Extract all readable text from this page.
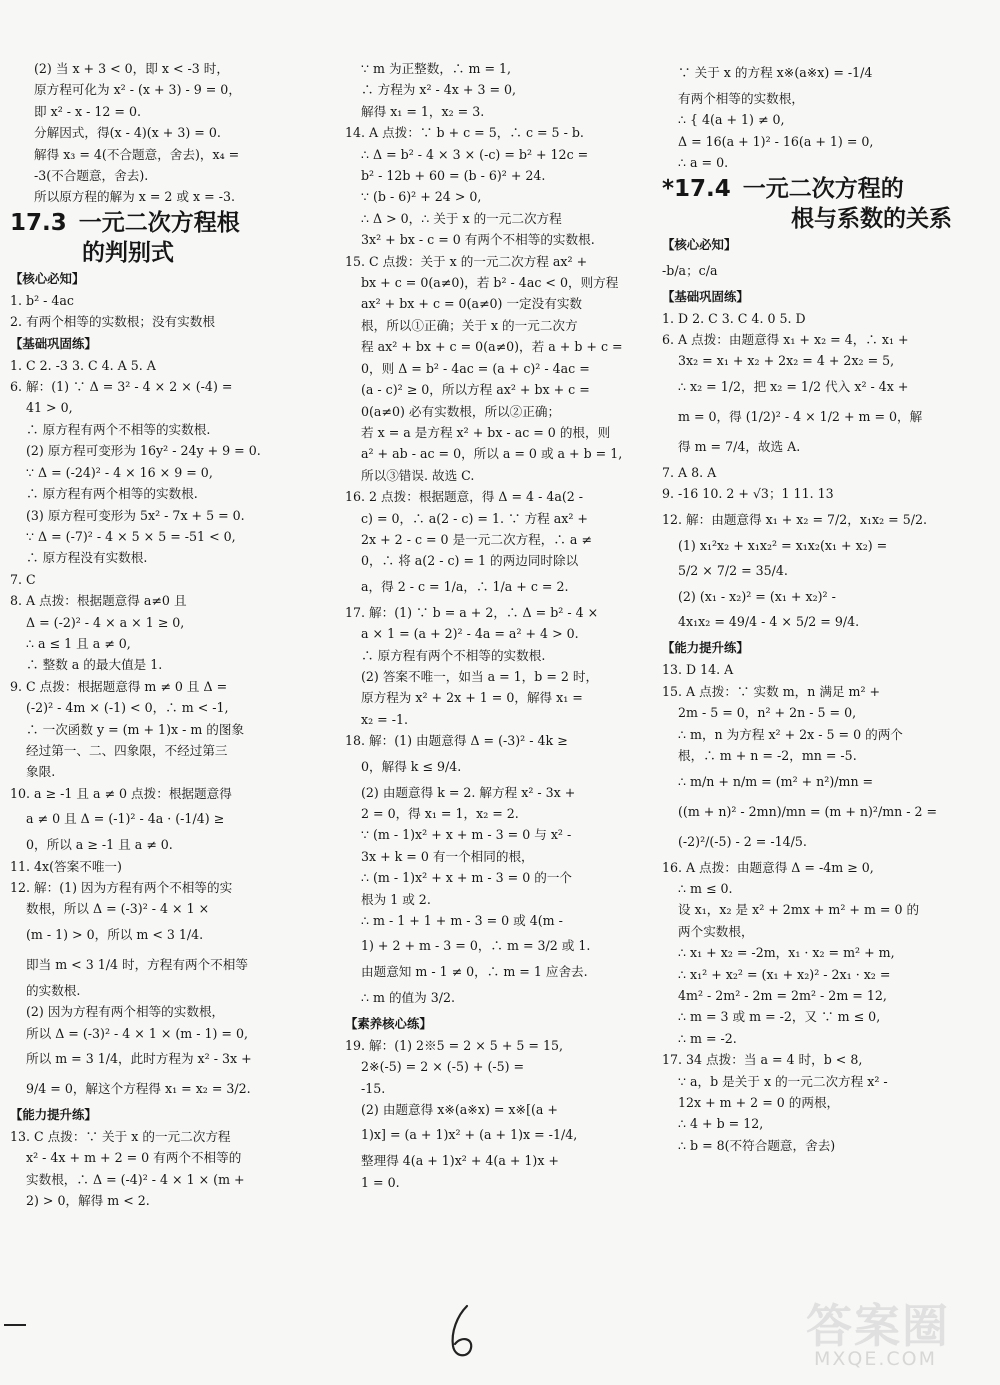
(2) 当 x + 3 < 0，即 x < -3 时，
原方程可化为 x² - (x + 3) - 9 = 0，
即 x² - x - 12 = 0.
分解因式，得(x - 4)(x + 3) = 0.
解得 x₃ = 4(不合题意，舍去)，x₄ =
-3(不合题意，舍去).
所以原方程的解为 x = 2 或 x = -3.
17.3 一元二次方程根
的判别式
【核心必知】
1. b² - 4ac
2. 有两个相等的实数根；没有实数根
【基础巩固练】
1. C 2. -3 3. C 4. A 5. A
6. 解：(1) ∵ Δ = 3² - 4 × 2 × (-4) =
41 > 0,
∴ 原方程有两个不相等的实数根.
(2) 原方程可变形为 16y² - 24y + 9 = 0.
∵ Δ = (-24)² - 4 × 16 × 9 = 0,
∴ 原方程有两个相等的实数根.
(3) 原方程可变形为 5x² - 7x + 5 = 0.
∵ Δ = (-7)² - 4 × 5 × 5 = -51 < 0,
∴ 原方程没有实数根.
7. C
8. A 点拨：根据题意得 a≠0 且
Δ = (-2)² - 4 × a × 1 ≥ 0,
∴ a ≤ 1 且 a ≠ 0,
∴ 整数 a 的最大值是 1.
9. C 点拨：根据题意得 m ≠ 0 且 Δ =
(-2)² - 4m × (-1) < 0，∴ m < -1,
∴ 一次函数 y = (m + 1)x - m 的图象
经过第一、二、四象限，不经过第三
象限.
10. a ≥ -1 且 a ≠ 0 点拨：根据题意得
a ≠ 0 且 Δ = (-1)² - 4a · (-1/4) ≥
0，所以 a ≥ -1 且 a ≠ 0.
11. 4x(答案不唯一)
12. 解：(1) 因为方程有两个不相等的实
数根，所以 Δ = (-3)² - 4 × 1 ×
(m - 1) > 0，所以 m < 3 1/4.
即当 m < 3 1/4 时，方程有两个不相等
的实数根.
(2) 因为方程有两个相等的实数根，
所以 Δ = (-3)² - 4 × 1 × (m - 1) = 0,
所以 m = 3 1/4，此时方程为 x² - 3x +
9/4 = 0，解这个方程得 x₁ = x₂ = 3/2.
【能力提升练】
13. C 点拨：∵ 关于 x 的一元二次方程
x² - 4x + m + 2 = 0 有两个不相等的
实数根，∴ Δ = (-4)² - 4 × 1 × (m +
2) > 0，解得 m < 2.
∵ m 为正整数，∴ m = 1,
∴ 方程为 x² - 4x + 3 = 0,
解得 x₁ = 1，x₂ = 3.
14. A 点拨：∵ b + c = 5，∴ c = 5 - b.
∴ Δ = b² - 4 × 3 × (-c) = b² + 12c =
b² - 12b + 60 = (b - 6)² + 24.
∵ (b - 6)² + 24 > 0,
∴ Δ > 0，∴ 关于 x 的一元二次方程
3x² + bx - c = 0 有两个不相等的实数根.
15. C 点拨：关于 x 的一元二次方程 ax² +
bx + c = 0(a≠0)，若 b² - 4ac < 0，则方程
ax² + bx + c = 0(a≠0) 一定没有实数
根，所以①正确；关于 x 的一元二次方
程 ax² + bx + c = 0(a≠0)，若 a + b + c =
0，则 Δ = b² - 4ac = (a + c)² - 4ac =
(a - c)² ≥ 0，所以方程 ax² + bx + c =
0(a≠0) 必有实数根，所以②正确；
若 x = a 是方程 x² + bx - ac = 0 的根，则
a² + ab - ac = 0，所以 a = 0 或 a + b = 1,
所以③错误. 故选 C.
16. 2 点拨：根据题意，得 Δ = 4 - 4a(2 -
c) = 0，∴ a(2 - c) = 1. ∵ 方程 ax² +
2x + 2 - c = 0 是一元二次方程，∴ a ≠
0，∴ 将 a(2 - c) = 1 的两边同时除以
a，得 2 - c = 1/a，∴ 1/a + c = 2.
17. 解：(1) ∵ b = a + 2，∴ Δ = b² - 4 ×
a × 1 = (a + 2)² - 4a = a² + 4 > 0.
∴ 原方程有两个不相等的实数根.
(2) 答案不唯一，如当 a = 1，b = 2 时，
原方程为 x² + 2x + 1 = 0，解得 x₁ =
x₂ = -1.
18. 解：(1) 由题意得 Δ = (-3)² - 4k ≥
0，解得 k ≤ 9/4.
(2) 由题意得 k = 2. 解方程 x² - 3x +
2 = 0，得 x₁ = 1，x₂ = 2.
∵ (m - 1)x² + x + m - 3 = 0 与 x² -
3x + k = 0 有一个相同的根，
∴ (m - 1)x² + x + m - 3 = 0 的一个
根为 1 或 2.
∴ m - 1 + 1 + m - 3 = 0 或 4(m -
1) + 2 + m - 3 = 0，∴ m = 3/2 或 1.
由题意知 m - 1 ≠ 0，∴ m = 1 应舍去.
∴ m 的值为 3/2.
【素养核心练】
19. 解：(1) 2※5 = 2 × 5 + 5 = 15,
2※(-5) = 2 × (-5) + (-5) =
-15.
(2) 由题意得 x※(a※x) = x※[(a +
1)x] = (a + 1)x² + (a + 1)x = -1/4,
整理得 4(a + 1)x² + 4(a + 1)x +
1 = 0.
∵ 关于 x 的方程 x※(a※x) = -1/4
有两个相等的实数根，
∴ { 4(a + 1) ≠ 0,
Δ = 16(a + 1)² - 16(a + 1) = 0,
∴ a = 0.
*17.4 一元二次方程的
根与系数的关系
【核心必知】
-b/a；c/a
【基础巩固练】
1. D 2. C 3. C 4. 0 5. D
6. A 点拨：由题意得 x₁ + x₂ = 4，∴ x₁ +
3x₂ = x₁ + x₂ + 2x₂ = 4 + 2x₂ = 5,
∴ x₂ = 1/2，把 x₂ = 1/2 代入 x² - 4x +
m = 0，得 (1/2)² - 4 × 1/2 + m = 0，解
得 m = 7/4，故选 A.
7. A 8. A
9. -16 10. 2 + √3；1 11. 13
12. 解：由题意得 x₁ + x₂ = 7/2，x₁x₂ = 5/2.
(1) x₁²x₂ + x₁x₂² = x₁x₂(x₁ + x₂) =
5/2 × 7/2 = 35/4.
(2) (x₁ - x₂)² = (x₁ + x₂)² -
4x₁x₂ = 49/4 - 4 × 5/2 = 9/4.
【能力提升练】
13. D 14. A
15. A 点拨：∵ 实数 m，n 满足 m² +
2m - 5 = 0，n² + 2n - 5 = 0,
∴ m，n 为方程 x² + 2x - 5 = 0 的两个
根，∴ m + n = -2，mn = -5.
∴ m/n + n/m = (m² + n²)/mn =
((m + n)² - 2mn)/mn = (m + n)²/mn - 2 =
(-2)²/(-5) - 2 = -14/5.
16. A 点拨：由题意得 Δ = -4m ≥ 0,
∴ m ≤ 0.
设 x₁，x₂ 是 x² + 2mx + m² + m = 0 的
两个实数根，
∴ x₁ + x₂ = -2m，x₁ · x₂ = m² + m,
∴ x₁² + x₂² = (x₁ + x₂)² - 2x₁ · x₂ =
4m² - 2m² - 2m = 2m² - 2m = 12,
∴ m = 3 或 m = -2，又 ∵ m ≤ 0,
∴ m = -2.
17. 34 点拨：当 a = 4 时，b < 8,
∵ a，b 是关于 x 的一元二次方程 x² -
12x + m + 2 = 0 的两根，
∴ 4 + b = 12,
∴ b = 8(不符合题意，舍去)
答案圈
MXQE.COM
